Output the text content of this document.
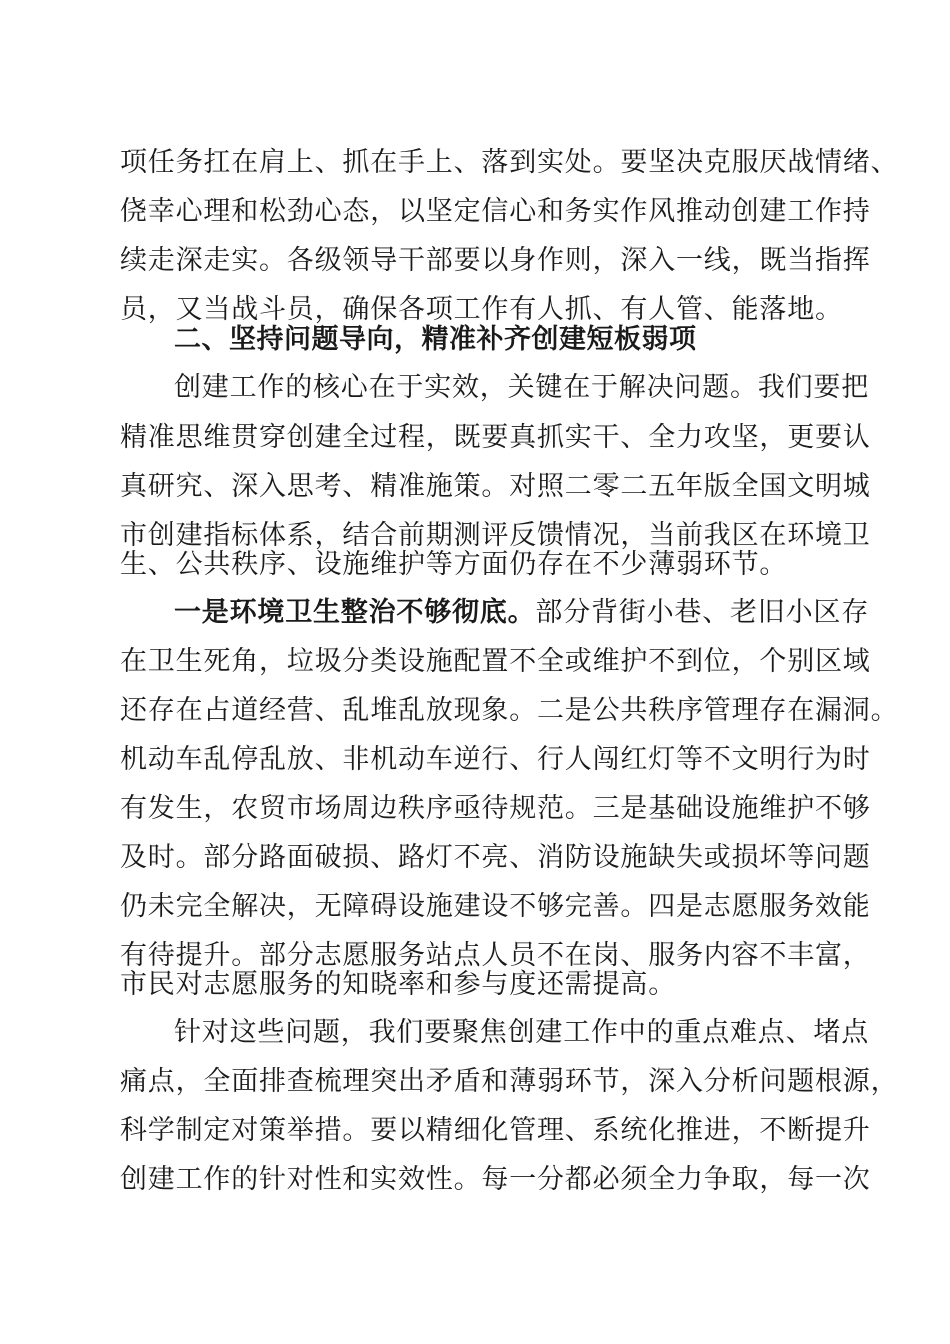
项任务扛在肩上、抓在手上、落到实处。要坚决克服厌战情绪、
侥幸心理和松劲心态，以坚定信心和务实作风推动创建工作持
续走深走实。各级领导干部要以身作则，深入一线，既当指挥
员，又当战斗员，确保各项工作有人抓、有人管、能落地。
二、坚持问题导向，精准补齐创建短板弱项
创建工作的核心在于实效，关键在于解决问题。我们要把
精准思维贯穿创建全过程，既要真抓实干、全力攻坚，更要认
真研究、深入思考、精准施策。对照二零二五年版全国文明城
市创建指标体系，结合前期测评反馈情况，当前我区在环境卫
生、公共秩序、设施维护等方面仍存在不少薄弱环节。
一是环境卫生整治不够彻底。部分背街小巷、老旧小区存
在卫生死角，垃圾分类设施配置不全或维护不到位，个别区域
还存在占道经营、乱堆乱放现象。二是公共秩序管理存在漏洞。
机动车乱停乱放、非机动车逆行、行人闯红灯等不文明行为时
有发生，农贸市场周边秩序亟待规范。三是基础设施维护不够
及时。部分路面破损、路灯不亮、消防设施缺失或损坏等问题
仍未完全解决，无障碍设施建设不够完善。四是志愿服务效能
有待提升。部分志愿服务站点人员不在岗、服务内容不丰富，
市民对志愿服务的知晓率和参与度还需提高。
针对这些问题，我们要聚焦创建工作中的重点难点、堵点
痛点，全面排查梳理突出矛盾和薄弱环节，深入分析问题根源，
科学制定对策举措。要以精细化管理、系统化推进，不断提升
创建工作的针对性和实效性。每一分都必须全力争取，每一次
